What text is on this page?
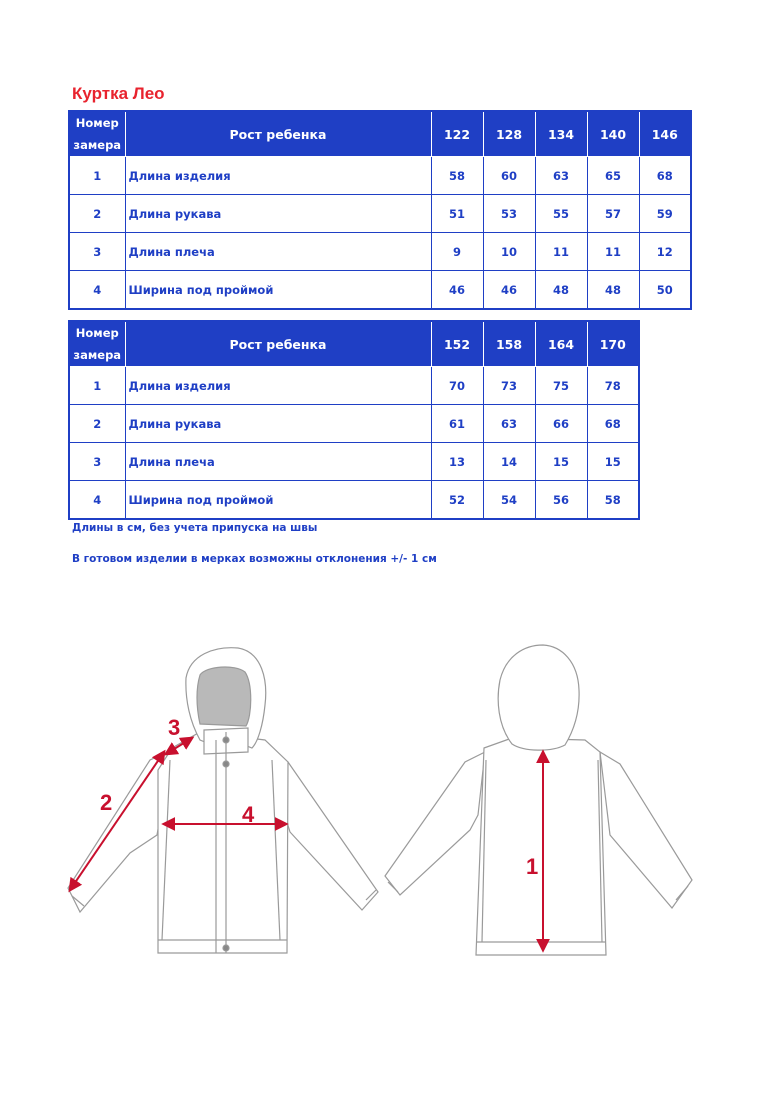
Куртка Лео
Номер замера	Рост ребенка	122	128	134	140	146
1	Длина изделия	58	60	63	65	68
2	Длина рукава	51	53	55	57	59
3	Длина плеча	9	10	11	11	12
4	Ширина под проймой	46	46	48	48	50
Номер замера	Рост ребенка	152	158	164	170
1	Длина изделия	70	73	75	78
2	Длина рукава	61	63	66	68
3	Длина плеча	13	14	15	15
4	Ширина под проймой	52	54	56	58
Длины в см, без учета припуска на швы
В готовом изделии в мерках возможны отклонения +/- 1 см
1
2
3
4
